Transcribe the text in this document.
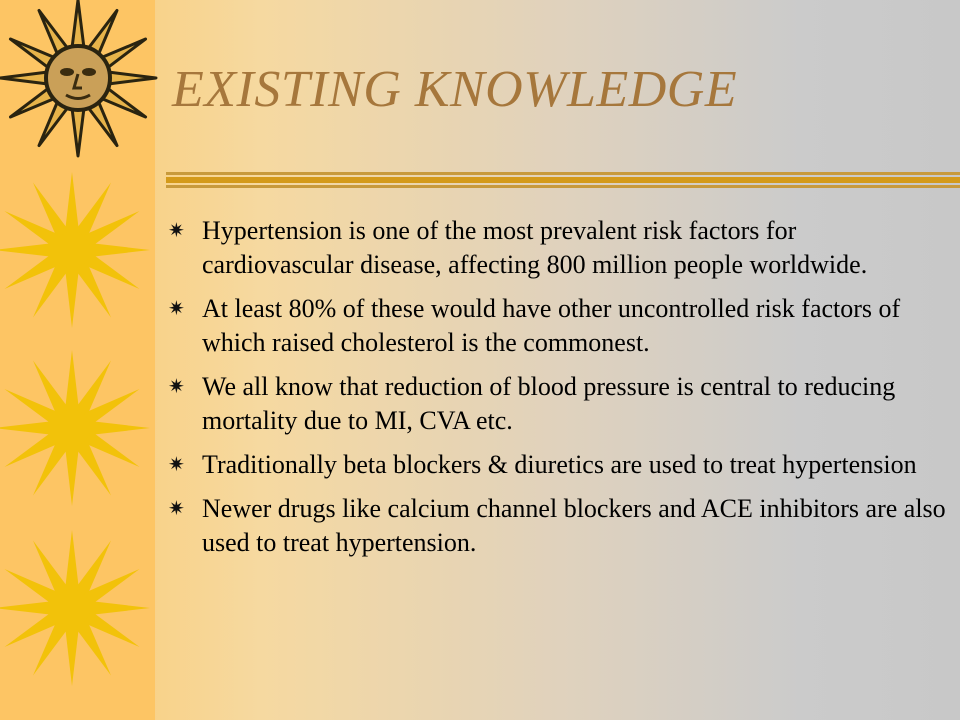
EXISTING KNOWLEDGE
✷ Hypertension is one of the most prevalent risk factors for cardiovascular disease, affecting 800 million people worldwide.
✷ At least 80% of these would have other uncontrolled risk factors of which raised cholesterol is the commonest.
✷ We all know that reduction of blood pressure is central to reducing mortality due to MI, CVA etc.
✷ Traditionally beta blockers & diuretics are used to treat hypertension
✷ Newer drugs like calcium channel blockers and ACE inhibitors are also used to treat hypertension.
